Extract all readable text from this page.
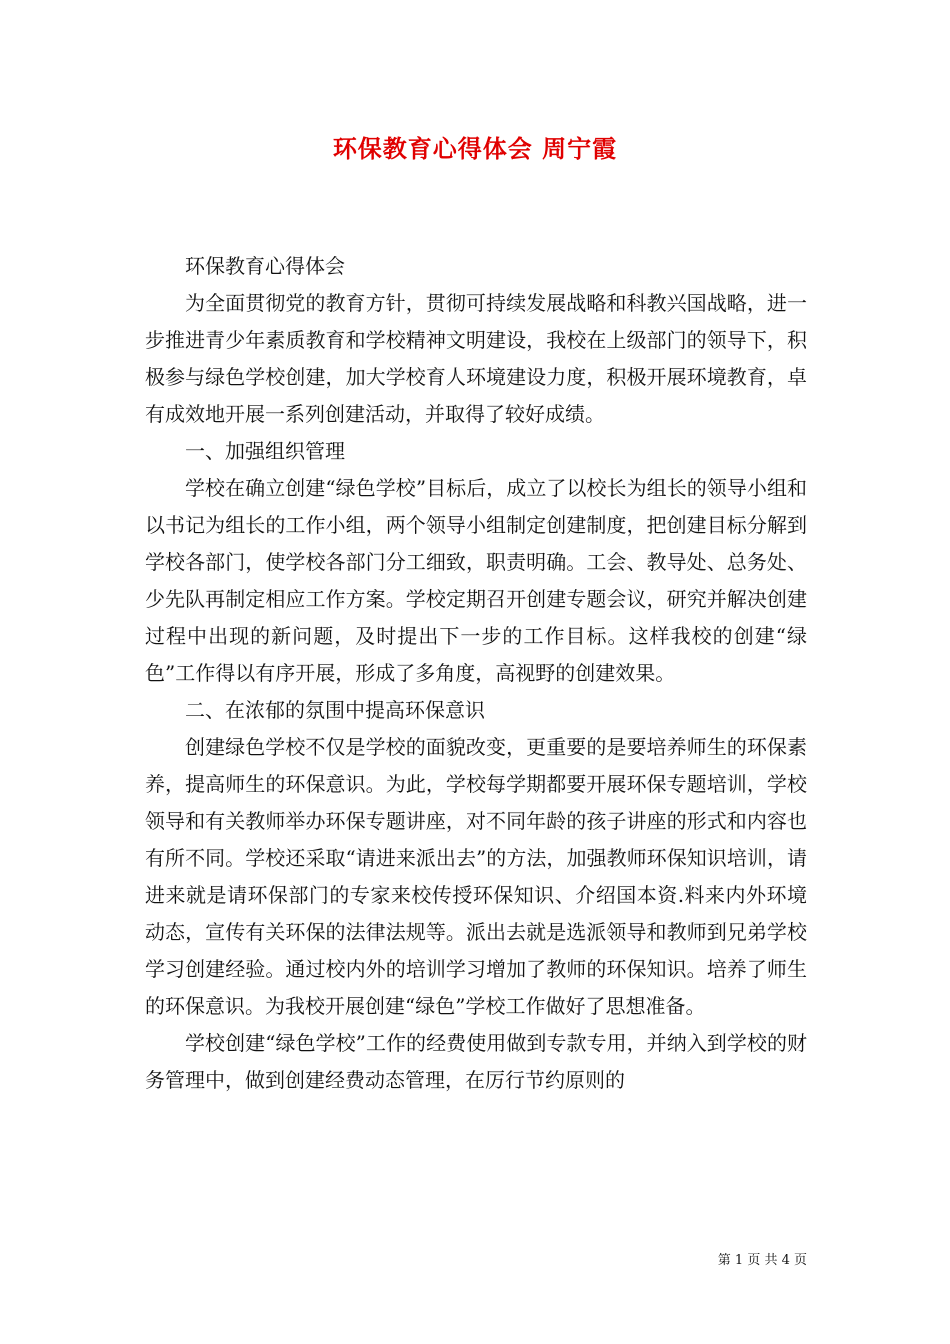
环保教育心得体会 周宁霞

环保教育心得体会

为全面贯彻党的教育方针，贯彻可持续发展战略和科教兴国战略，进一步推进青少年素质教育和学校精神文明建设，我校在上级部门的领导下，积极参与绿色学校创建，加大学校育人环境建设力度，积极开展环境教育，卓有成效地开展一系列创建活动，并取得了较好成绩。

一、加强组织管理

学校在确立创建“绿色学校”目标后，成立了以校长为组长的领导小组和以书记为组长的工作小组，两个领导小组制定创建制度，把创建目标分解到学校各部门，使学校各部门分工细致，职责明确。工会、教导处、总务处、少先队再制定相应工作方案。学校定期召开创建专题会议，研究并解决创建过程中出现的新问题，及时提出下一步的工作目标。这样我校的创建“绿色”工作得以有序开展，形成了多角度，高视野的创建效果。

二、在浓郁的氛围中提高环保意识

创建绿色学校不仅是学校的面貌改变，更重要的是要培养师生的环保素养，提高师生的环保意识。为此，学校每学期都要开展环保专题培训，学校领导和有关教师举办环保专题讲座，对不同年龄的孩子讲座的形式和内容也有所不同。学校还采取“请进来派出去”的方法，加强教师环保知识培训，请进来就是请环保部门的专家来校传授环保知识、介绍国本资.料来内外环境动态，宣传有关环保的法律法规等。派出去就是选派领导和教师到兄弟学校学习创建经验。通过校内外的培训学习增加了教师的环保知识。培养了师生的环保意识。为我校开展创建“绿色”学校工作做好了思想准备。

学校创建“绿色学校”工作的经费使用做到专款专用，并纳入到学校的财务管理中，做到创建经费动态管理，在厉行节约原则的

第 1 页 共 4 页
